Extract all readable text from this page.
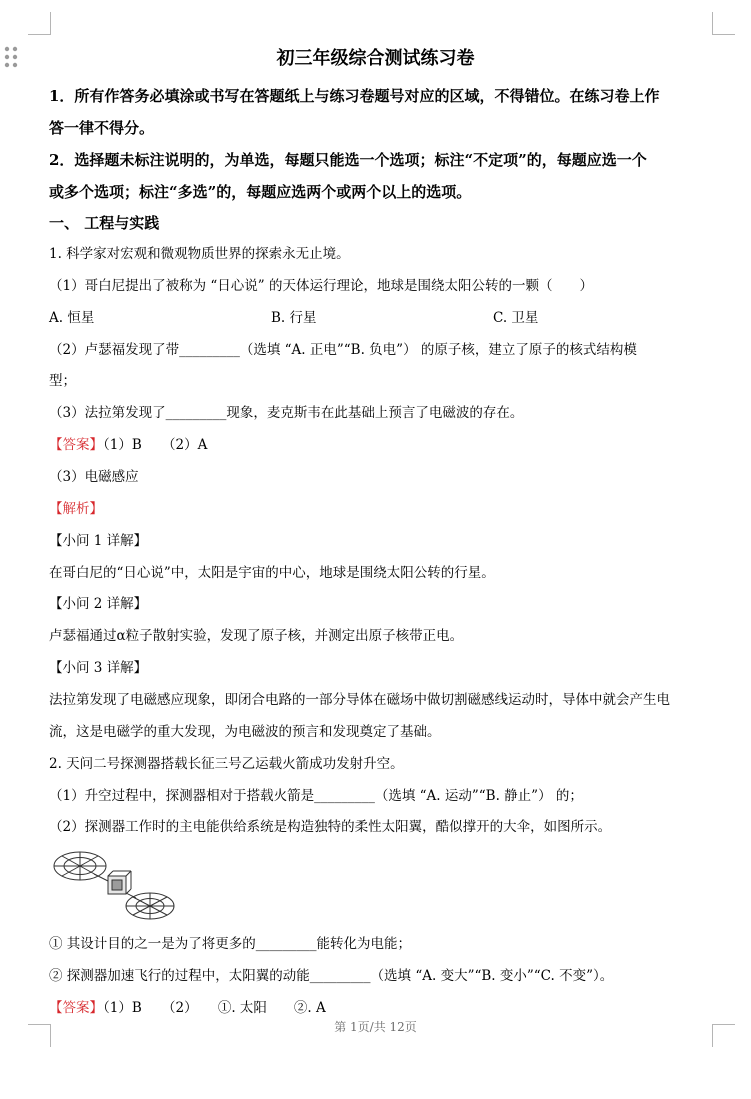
初三年级综合测试练习卷
1．所有作答务必填涂或书写在答题纸上与练习卷题号对应的区域，不得错位。在练习卷上作
答一律不得分。
2．选择题未标注说明的，为单选，每题只能选一个选项；标注“不定项”的，每题应选一个
或多个选项；标注“多选”的，每题应选两个或两个以上的选项。
一、 工程与实践
1. 科学家对宏观和微观物质世界的探索永无止境。
（1）哥白尼提出了被称为 “日心说” 的天体运行理论，地球是围绕太阳公转的一颗（　　）
A. 恒星	B. 行星	C. 卫星
（2）卢瑟福发现了带_________（选填 “A. 正电”“B. 负电”） 的原子核，建立了原子的核式结构模
型；
（3）法拉第发现了_________现象，麦克斯韦在此基础上预言了电磁波的存在。
【答案】（1）B　　（2）A
（3）电磁感应
【解析】
【小问 1 详解】
在哥白尼的“日心说”中，太阳是宇宙的中心，地球是围绕太阳公转的行星。
【小问 2 详解】
卢瑟福通过α粒子散射实验，发现了原子核，并测定出原子核带正电。
【小问 3 详解】
法拉第发现了电磁感应现象，即闭合电路的一部分导体在磁场中做切割磁感线运动时，导体中就会产生电
流，这是电磁学的重大发现，为电磁波的预言和发现奠定了基础。
2. 天问二号探测器搭载长征三号乙运载火箭成功发射升空。
（1）升空过程中，探测器相对于搭载火箭是_________（选填 “A. 运动”“B. 静止”） 的；
（2）探测器工作时的主电能供给系统是构造独特的柔性太阳翼，酷似撑开的大伞，如图所示。
① 其设计目的之一是为了将更多的_________能转化为电能；
② 探测器加速飞行的过程中，太阳翼的动能_________（选填 “A. 变大”“B. 变小”“C. 不变”）。
【答案】（1）B　　（2）　　①. 太阳　　②. A
第 1页/共 12页
